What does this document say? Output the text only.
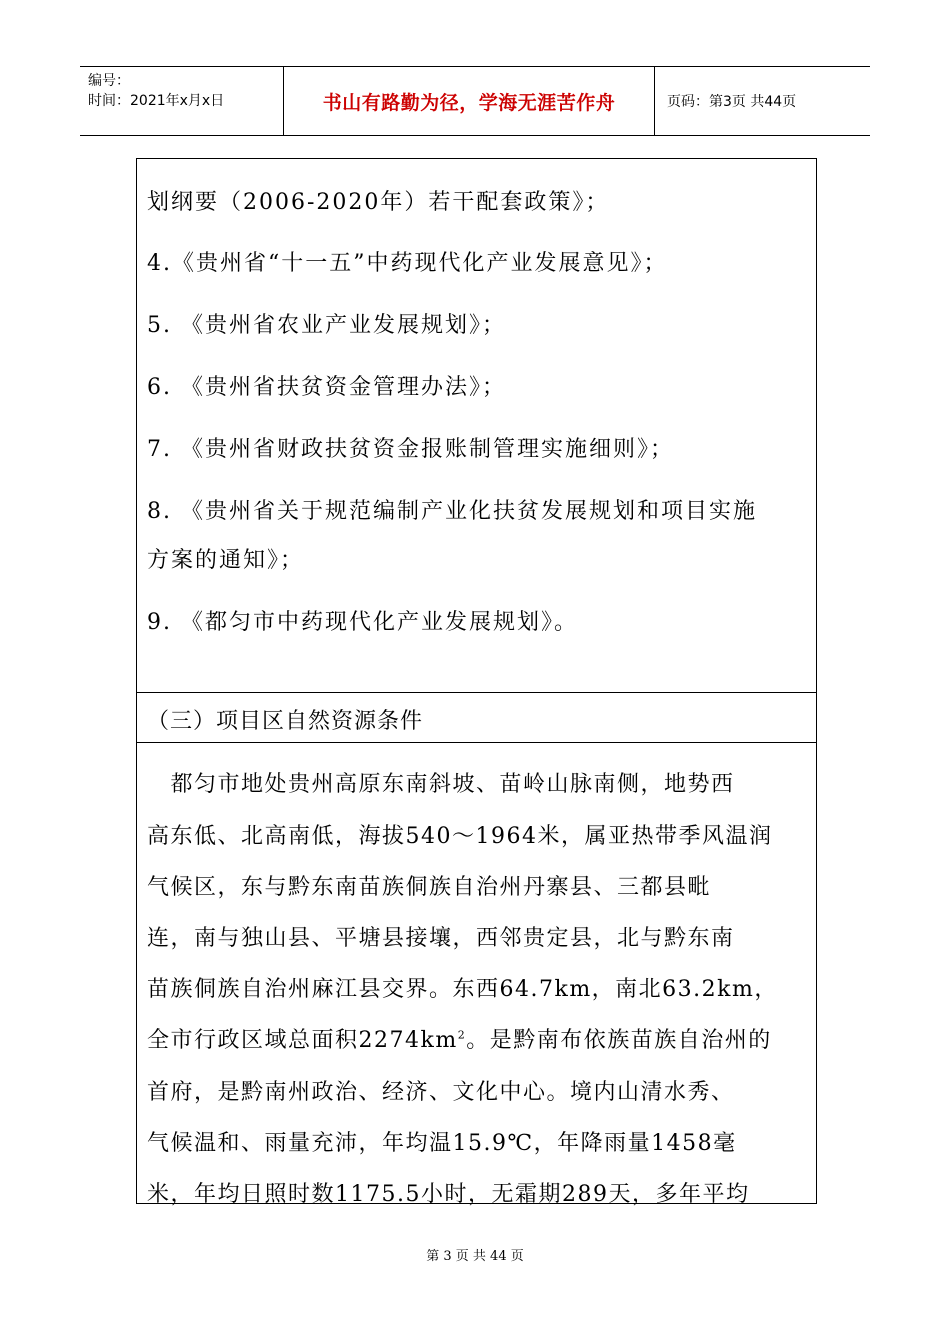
编号：
时间：2021年x月x日	书山有路勤为径，学海无涯苦作舟	页码：第3页 共44页
划纲要（2006-2020年）若干配套政策》；
4.《贵州省“十一五”中药现代化产业发展意见》；
5. 《贵州省农业产业发展规划》；
6. 《贵州省扶贫资金管理办法》；
7. 《贵州省财政扶贫资金报账制管理实施细则》；
8. 《贵州省关于规范编制产业化扶贫发展规划和项目实施
方案的通知》；
9. 《都匀市中药现代化产业发展规划》。
（三）项目区自然资源条件
　都匀市地处贵州高原东南斜坡、苗岭山脉南侧，地势西
高东低、北高南低，海拔540～1964米，属亚热带季风温润
气候区，东与黔东南苗族侗族自治州丹寨县、三都县毗
连，南与独山县、平塘县接壤，西邻贵定县，北与黔东南
苗族侗族自治州麻江县交界。东西64.7km，南北63.2km，
全市行政区域总面积$2274km^2$。是黔南布依族苗族自治州的
首府，是黔南州政治、经济、文化中心。境内山清水秀、
气候温和、雨量充沛，年均温15.9℃，年降雨量1458毫
米，年均日照时数1175.5小时，无霜期289天，多年平均
第 3 页 共 44 页
